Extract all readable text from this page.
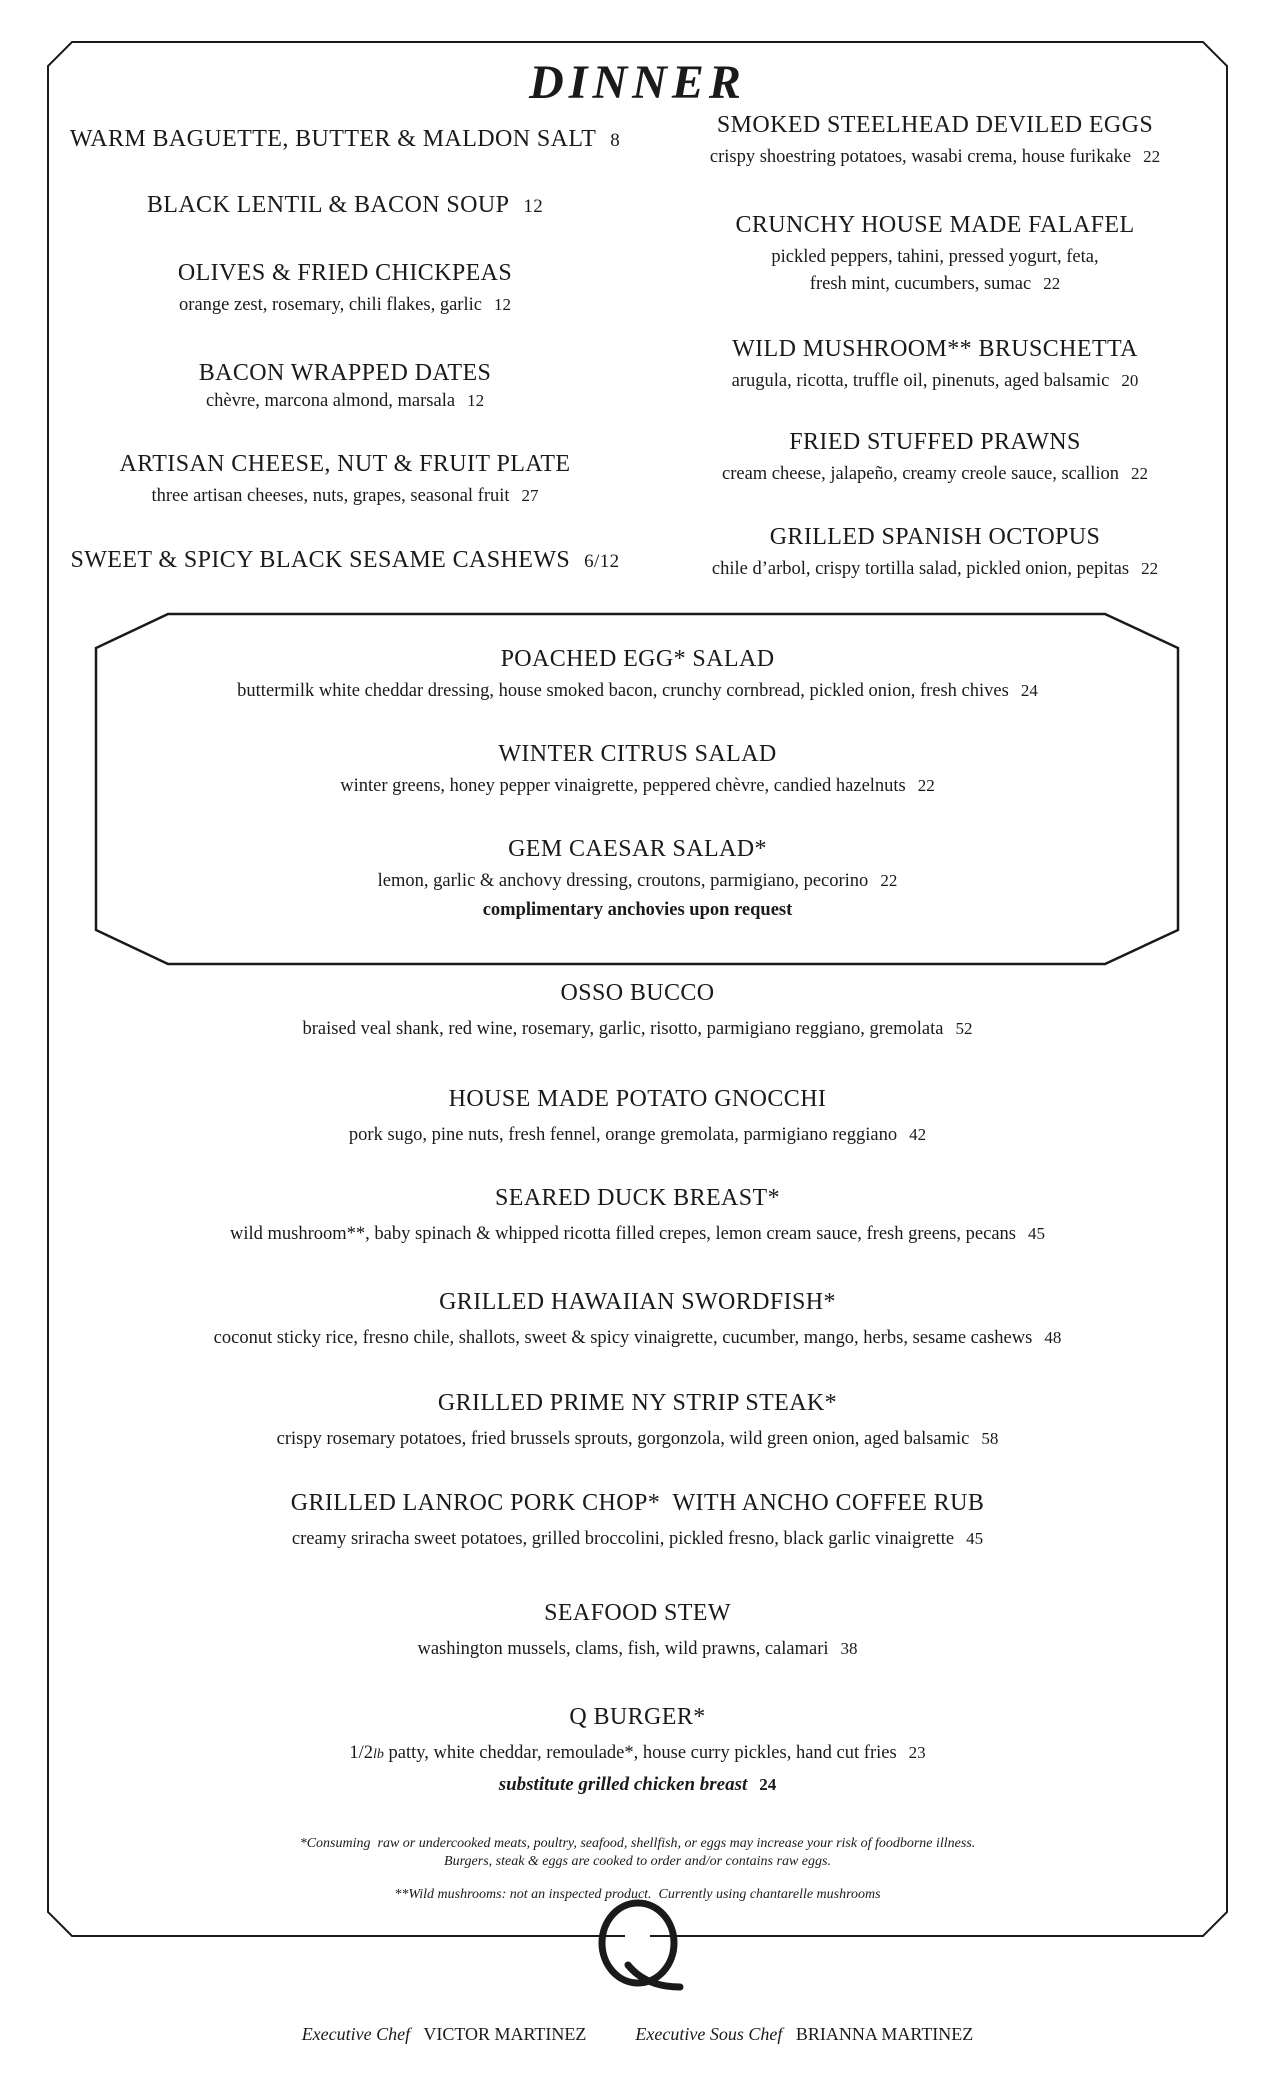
DINNER
WARM BAGUETTE, BUTTER & MALDON SALT 8
BLACK LENTIL & BACON SOUP 12
OLIVES & FRIED CHICKPEAS
orange zest, rosemary, chili flakes, garlic 12
BACON WRAPPED DATES
chèvre, marcona almond, marsala 12
ARTISAN CHEESE, NUT & FRUIT PLATE
three artisan cheeses, nuts, grapes, seasonal fruit 27
SWEET & SPICY BLACK SESAME CASHEWS 6/12
SMOKED STEELHEAD DEVILED EGGS
crispy shoestring potatoes, wasabi crema, house furikake 22
CRUNCHY HOUSE MADE FALAFEL
pickled peppers, tahini, pressed yogurt, feta,
fresh mint, cucumbers, sumac 22
WILD MUSHROOM** BRUSCHETTA
arugula, ricotta, truffle oil, pinenuts, aged balsamic 20
FRIED STUFFED PRAWNS
cream cheese, jalapeño, creamy creole sauce, scallion 22
GRILLED SPANISH OCTOPUS
chile d’arbol, crispy tortilla salad, pickled onion, pepitas 22
POACHED EGG* SALAD
buttermilk white cheddar dressing, house smoked bacon, crunchy cornbread, pickled onion, fresh chives 24
WINTER CITRUS SALAD
winter greens, honey pepper vinaigrette, peppered chèvre, candied hazelnuts 22
GEM CAESAR SALAD*
lemon, garlic & anchovy dressing, croutons, parmigiano, pecorino 22
complimentary anchovies upon request
OSSO BUCCO
braised veal shank, red wine, rosemary, garlic, risotto, parmigiano reggiano, gremolata 52
HOUSE MADE POTATO GNOCCHI
pork sugo, pine nuts, fresh fennel, orange gremolata, parmigiano reggiano 42
SEARED DUCK BREAST*
wild mushroom**, baby spinach & whipped ricotta filled crepes, lemon cream sauce, fresh greens, pecans 45
GRILLED HAWAIIAN SWORDFISH*
coconut sticky rice, fresno chile, shallots, sweet & spicy vinaigrette, cucumber, mango, herbs, sesame cashews 48
GRILLED PRIME NY STRIP STEAK*
crispy rosemary potatoes, fried brussels sprouts, gorgonzola, wild green onion, aged balsamic 58
GRILLED LANROC PORK CHOP*  WITH ANCHO COFFEE RUB
creamy sriracha sweet potatoes, grilled broccolini, pickled fresno, black garlic vinaigrette 45
SEAFOOD STEW
washington mussels, clams, fish, wild prawns, calamari 38
Q BURGER*
1/2lb patty, white cheddar, remoulade*, house curry pickles, hand cut fries 23
substitute grilled chicken breast 24
*Consuming  raw or undercooked meats, poultry, seafood, shellfish, or eggs may increase your risk of foodborne illness.
Burgers, steak & eggs are cooked to order and/or contains raw eggs.
**Wild mushrooms: not an inspected product.  Currently using chantarelle mushrooms
Q
Executive Chef VICTOR MARTINEZ	Executive Sous Chef BRIANNA MARTINEZ
